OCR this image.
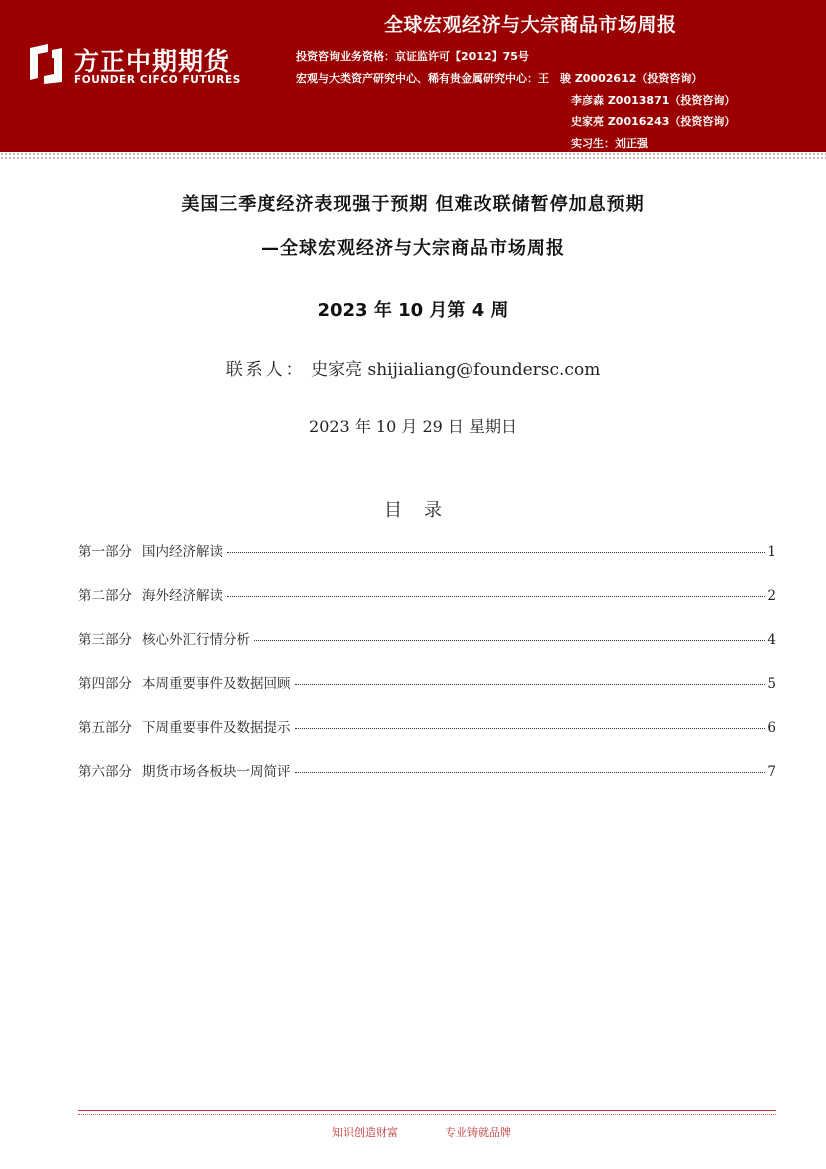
全球宏观经济与大宗商品市场周报
方正中期期货
FOUNDER CIFCO FUTURES
投资咨询业务资格：京证监许可【2012】75号
宏观与大类资产研究中心、稀有贵金属研究中心：王　骏 Z0002612（投资咨询）
李彦森 Z0013871（投资咨询）
史家亮 Z0016243（投资咨询）
实习生：刘正强
美国三季度经济表现强于预期 但难改联储暂停加息预期
—全球宏观经济与大宗商品市场周报
2023 年 10 月第 4 周
联系人： 史家亮 shijialiang@foundersc.com
2023 年 10 月 29 日 星期日
目录
第一部分 国内经济解读	1
第二部分 海外经济解读	2
第三部分 核心外汇行情分析	4
第四部分 本周重要事件及数据回顾	5
第五部分 下周重要事件及数据提示	6
第六部分 期货市场各板块一周简评	7
知识创造财富	专业铸就品牌
